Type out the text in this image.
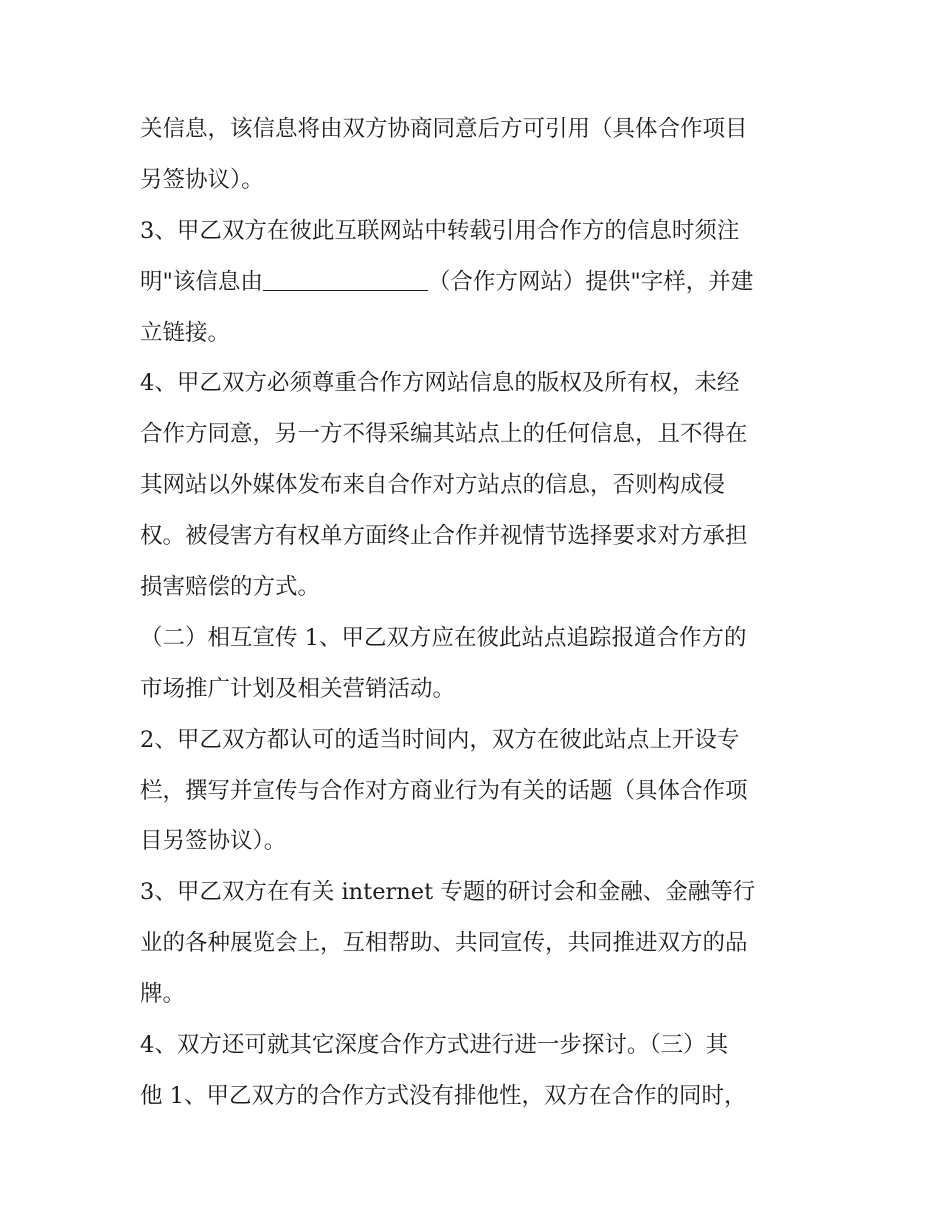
关信息，该信息将由双方协商同意后方可引用（具体合作项目
另签协议）。
3、甲乙双方在彼此互联网站中转载引用合作方的信息时须注
明"该信息由	（合作方网站）提供"字样，并建
立链接。
4、甲乙双方必须尊重合作方网站信息的版权及所有权，未经
合作方同意，另一方不得采编其站点上的任何信息，且不得在
其网站以外媒体发布来自合作对方站点的信息，否则构成侵
权。被侵害方有权单方面终止合作并视情节选择要求对方承担
损害赔偿的方式。
（二）相互宣传 1、甲乙双方应在彼此站点追踪报道合作方的
市场推广计划及相关营销活动。
2、甲乙双方都认可的适当时间内，双方在彼此站点上开设专
栏，撰写并宣传与合作对方商业行为有关的话题（具体合作项
目另签协议）。
3、甲乙双方在有关 internet 专题的研讨会和金融、金融等行
业的各种展览会上，互相帮助、共同宣传，共同推进双方的品
牌。
4、双方还可就其它深度合作方式进行进一步探讨。（三）其
他 1、甲乙双方的合作方式没有排他性，双方在合作的同时，
